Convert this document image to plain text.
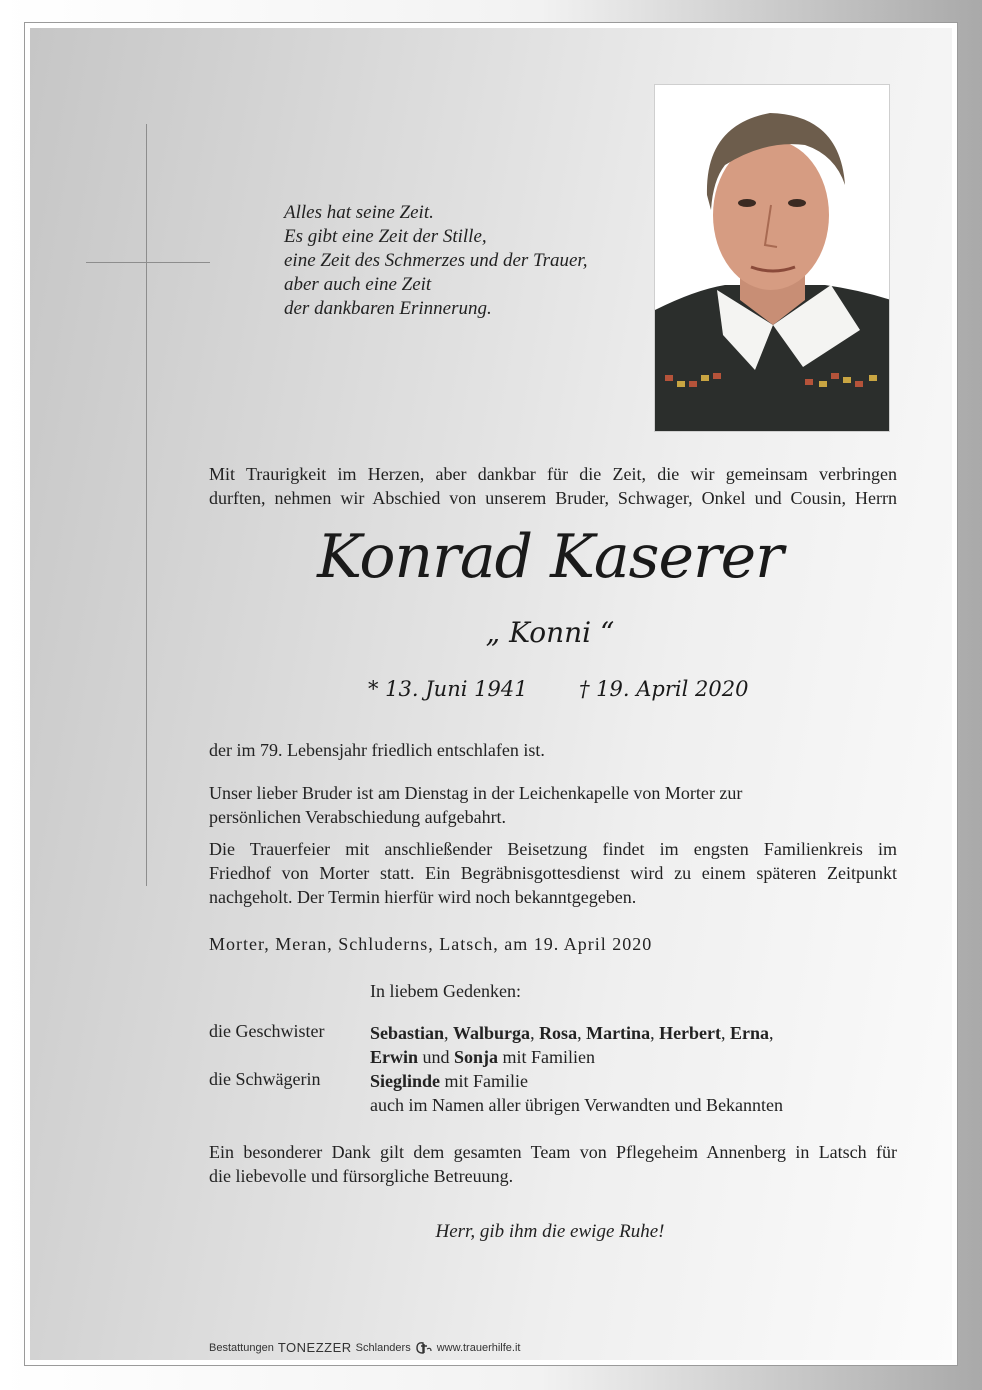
Alles hat seine Zeit.
Es gibt eine Zeit der Stille,
eine Zeit des Schmerzes und der Trauer,
aber auch eine Zeit
der dankbaren Erinnerung.
Mit Traurigkeit im Herzen, aber dankbar für die Zeit, die wir gemeinsam verbringen
durften, nehmen wir Abschied von unserem Bruder, Schwager, Onkel und Cousin, Herrn
Konrad Kaserer
„ Konni “
* 13. Juni 1941 † 19. April 2020
der im 79. Lebensjahr friedlich entschlafen ist.
Unser lieber Bruder ist am Dienstag in der Leichenkapelle von Morter zur
persönlichen Verabschiedung aufgebahrt.
Die Trauerfeier mit anschließender Beisetzung findet im engsten Familienkreis im
Friedhof von Morter statt. Ein Begräbnisgottesdienst wird zu einem späteren Zeitpunkt
nachgeholt. Der Termin hierfür wird noch bekanntgegeben.
Morter, Meran, Schluderns, Latsch, am 19. April 2020
In liebem Gedenken:
die Geschwister	Sebastian, Walburga, Rosa, Martina, Herbert, Erna,
Erwin und Sonja mit Familien
die Schwägerin	Sieglinde mit Familie
auch im Namen aller übrigen Verwandten und Bekannten
Ein besonderer Dank gilt dem gesamten Team von Pflegeheim Annenberg in Latsch für
die liebevolle und fürsorgliche Betreuung.
Herr, gib ihm die ewige Ruhe!
Bestattungen TONEZZER Schlanders www.trauerhilfe.it
